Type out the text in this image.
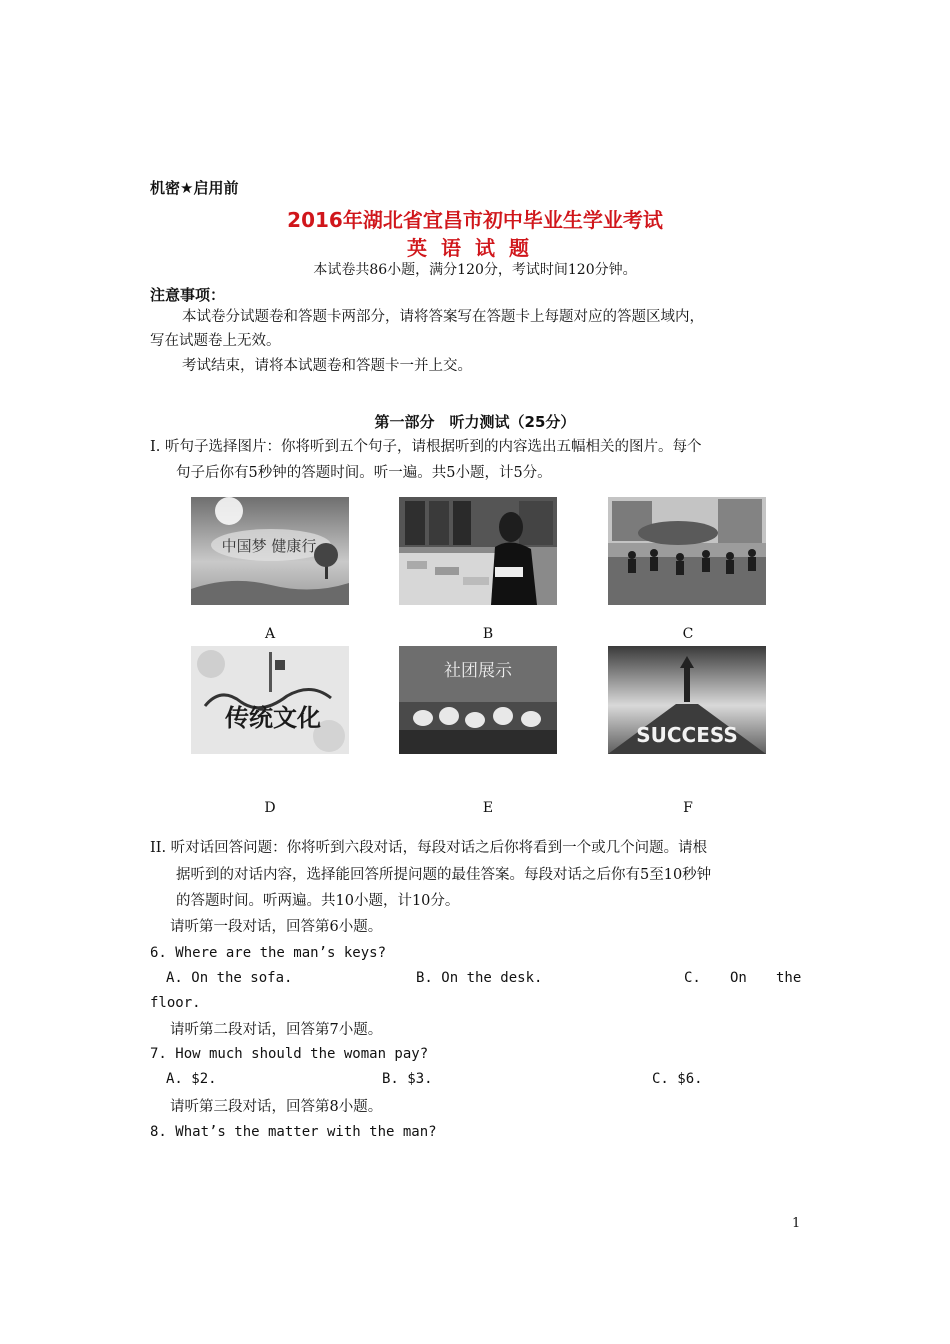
机密★启用前
2016年湖北省宜昌市初中毕业生学业考试
英语试题
本试卷共86小题，满分120分，考试时间120分钟。
注意事项：
本试卷分试题卷和答题卡两部分，请将答案写在答题卡上每题对应的答题区域内，
写在试题卷上无效。
考试结束，请将本试题卷和答题卡一并上交。
第一部分　听力测试（25分）
Ⅰ. 听句子选择图片：你将听到五个句子，请根据听到的内容选出五幅相关的图片。每个
句子后你有5秒钟的答题时间。听一遍。共5小题，计5分。
中国梦 健康行
A	B	C
传统文化
D
社团展示
E
SUCCESS
F
II. 听对话回答问题：你将听到六段对话，每段对话之后你将看到一个或几个问题。请根
据听到的对话内容，选择能回答所提问题的最佳答案。每段对话之后你有5至10秒钟
的答题时间。听两遍。共10小题，计10分。
请听第一段对话，回答第6小题。
6. Where are the man’s keys?
A. On the sofa.	B. On the desk.	C. On the
floor.
请听第二段对话，回答第7小题。
7. How much should the woman pay?
A. $2.	B. $3.	C. $6.
请听第三段对话，回答第8小题。
8. What’s the matter with the man?
1
